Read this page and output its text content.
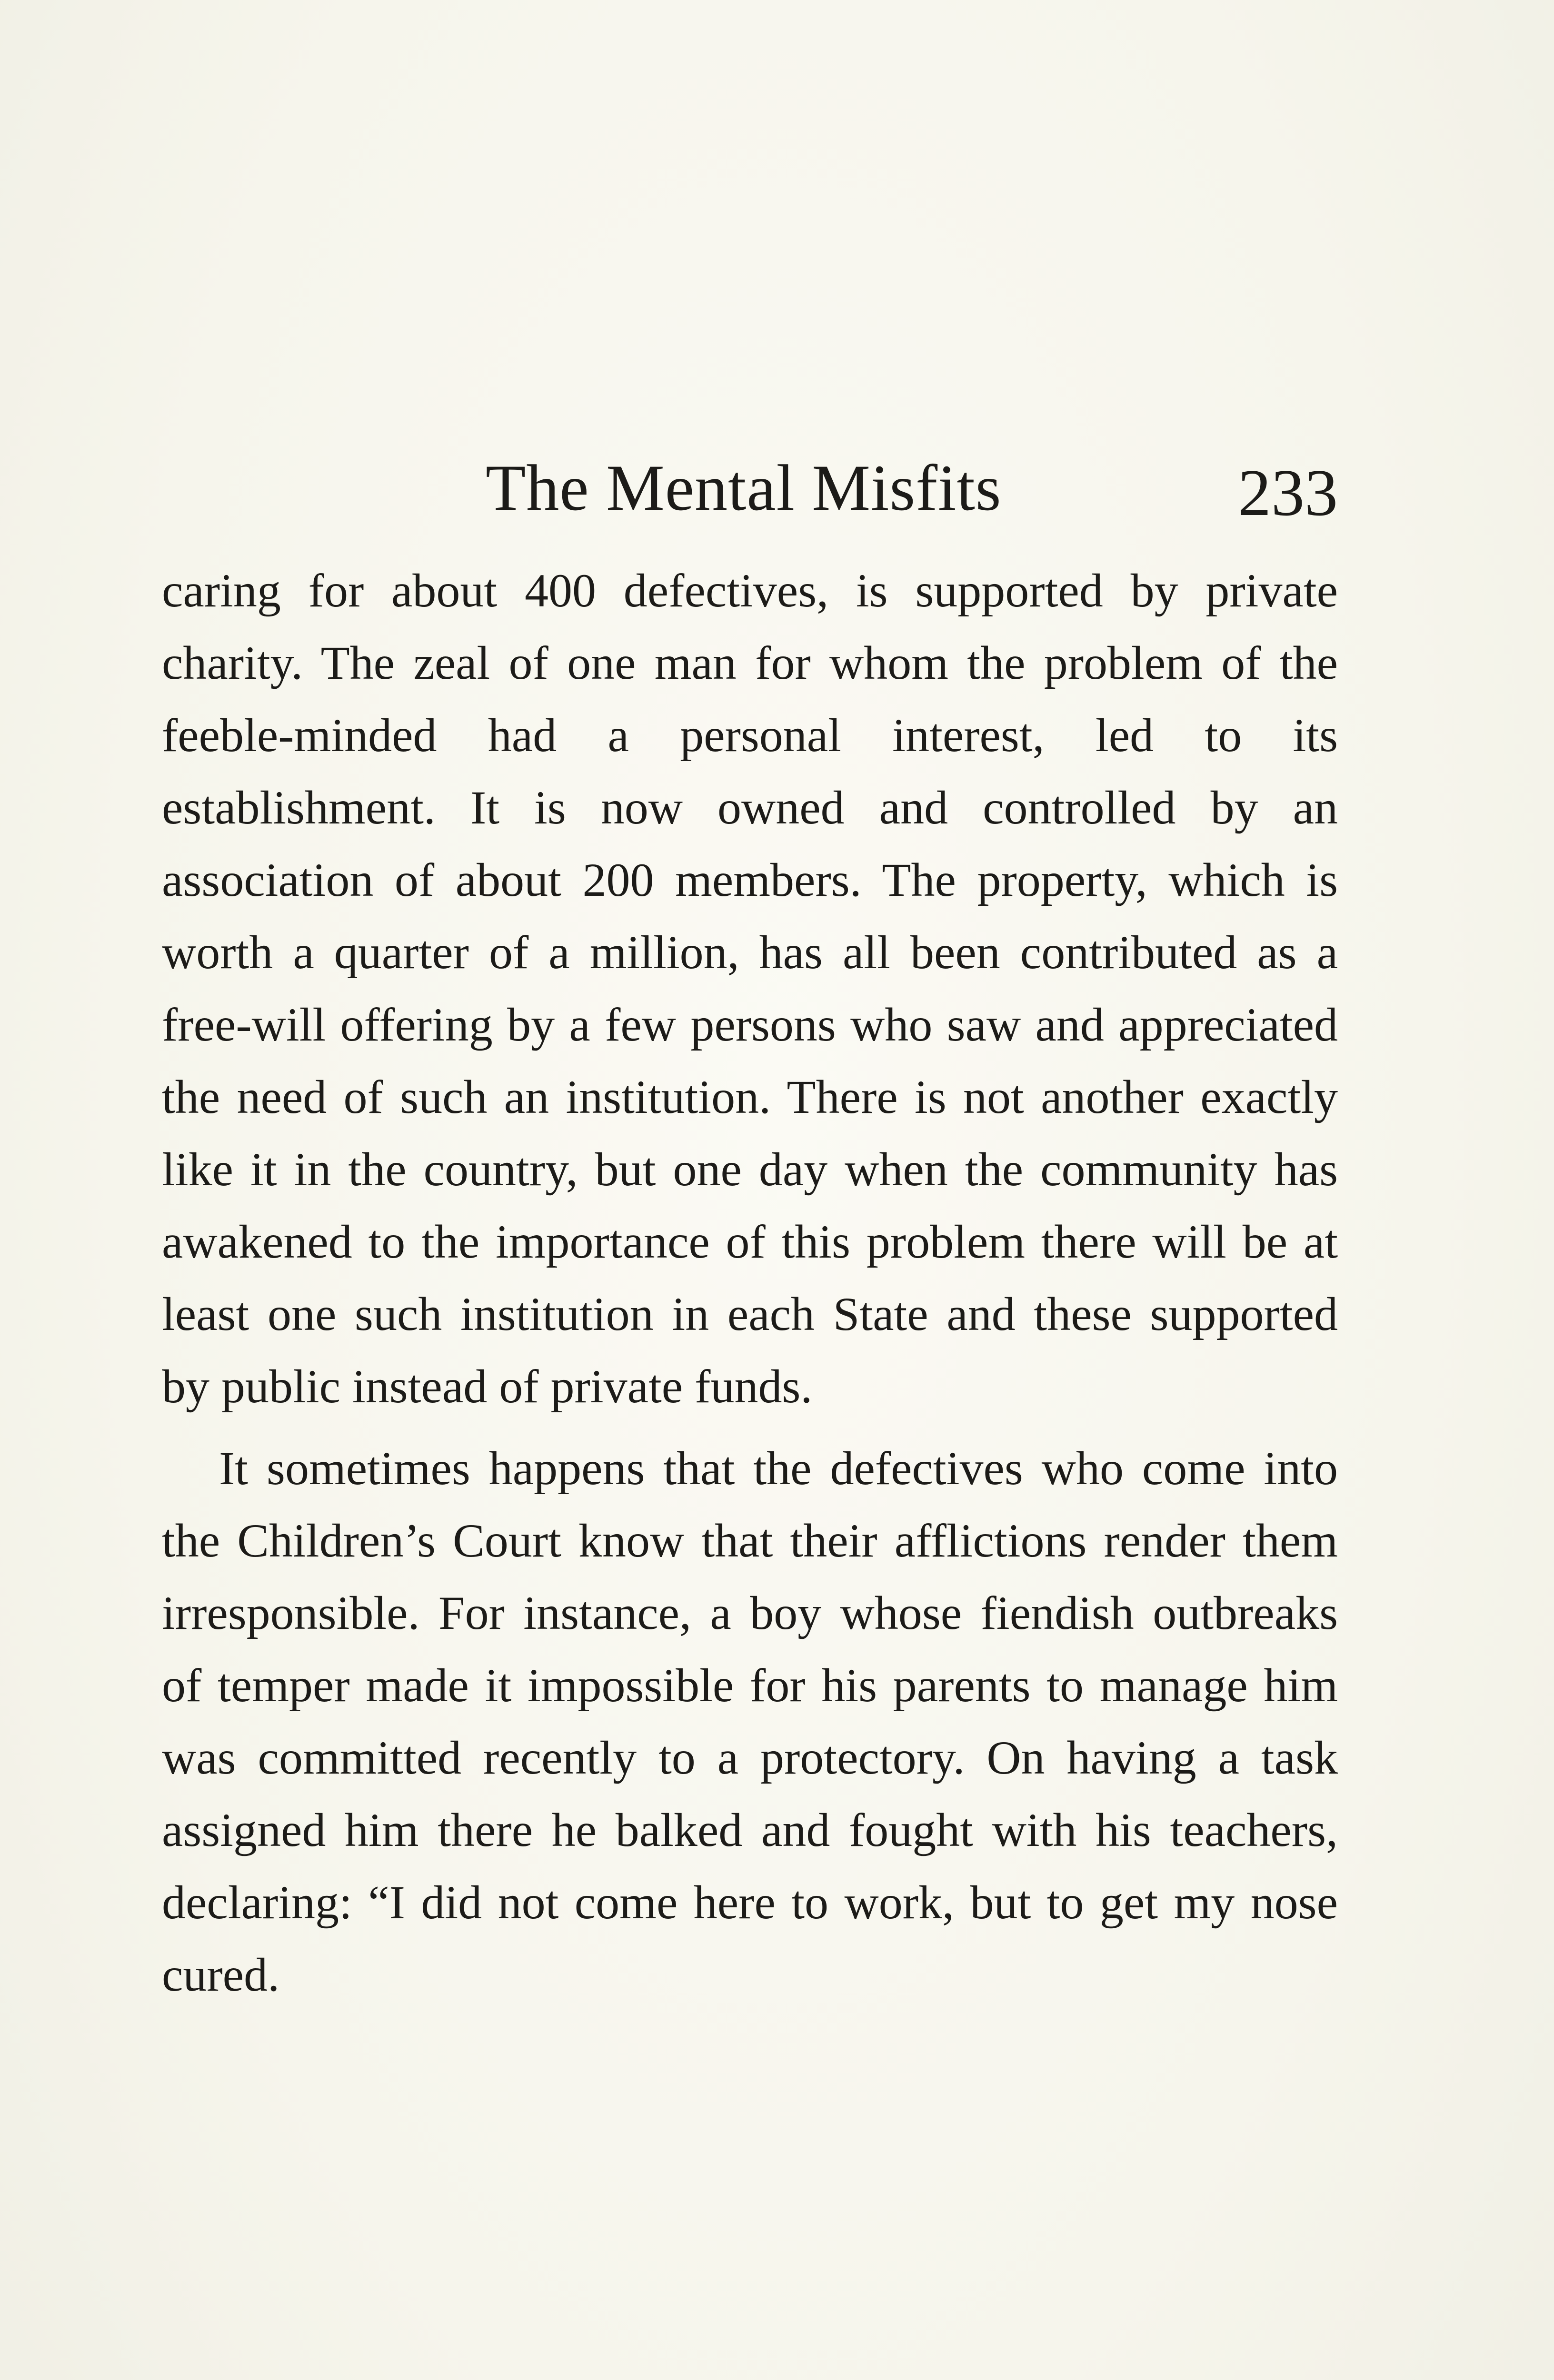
The Mental Misfits	233

caring for about 400 defectives, is supported by private charity. The zeal of one man for whom the problem of the feeble-minded had a personal interest, led to its establishment. It is now owned and controlled by an association of about 200 members. The property, which is worth a quarter of a million, has all been contributed as a free-will offering by a few persons who saw and appreciated the need of such an institution. There is not another exactly like it in the country, but one day when the community has awakened to the importance of this problem there will be at least one such institution in each State and these supported by public instead of private funds.

It sometimes happens that the defectives who come into the Children’s Court know that their afflictions render them irresponsible. For instance, a boy whose fiendish outbreaks of temper made it impossible for his parents to manage him was committed recently to a protectory. On having a task assigned him there he balked and fought with his teachers, declaring: “I did not come here to work, but to get my nose cured.
